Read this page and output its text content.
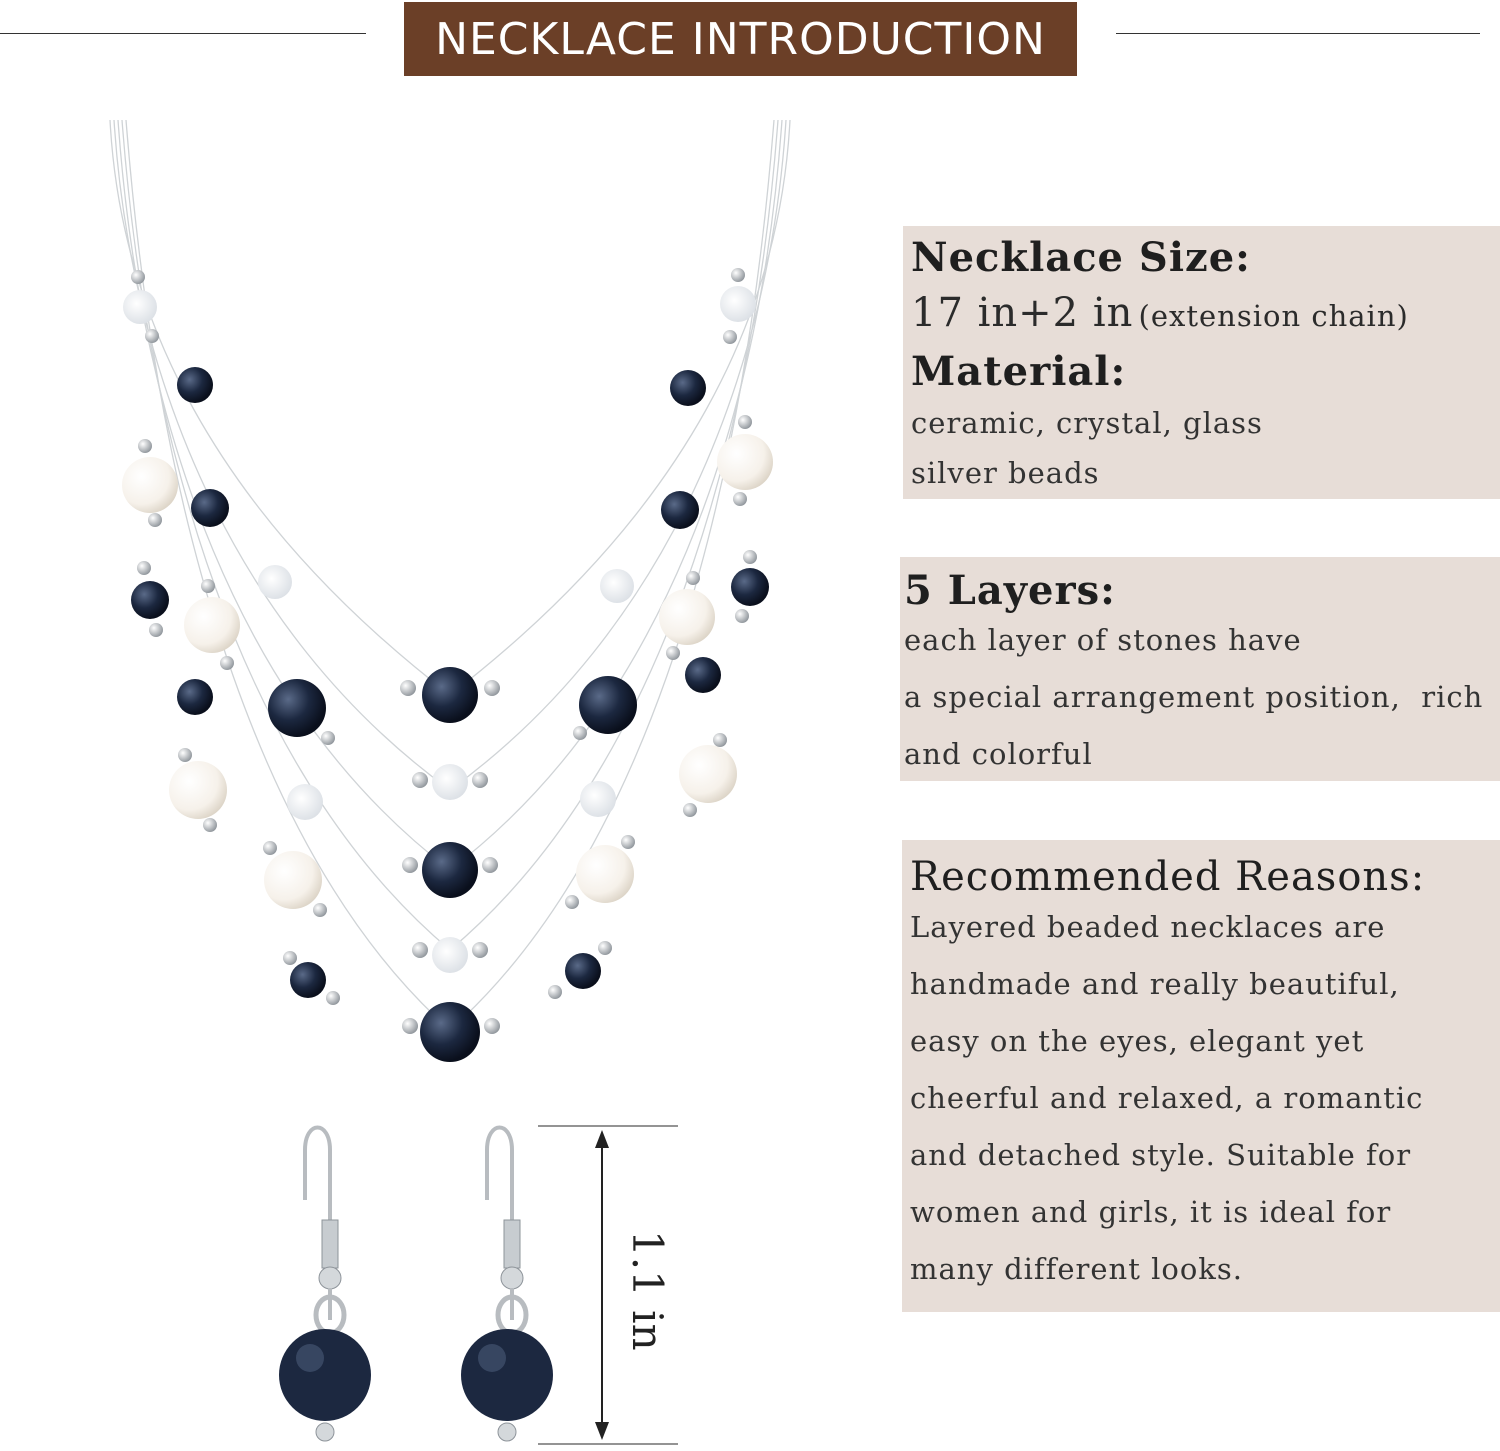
NECKLACE INTRODUCTION
1.1 in
Necklace Size:
17 in+2 in (extension chain)
Material:
ceramic, crystal, glass
silver beads
5 Layers:
each layer of stones have
a special arrangement position,  rich
and colorful
Recommended Reasons:
Layered beaded necklaces are
handmade and really beautiful,
easy on the eyes, elegant yet
cheerful and relaxed, a romantic
and detached style. Suitable for
women and girls, it is ideal for
many different looks.
